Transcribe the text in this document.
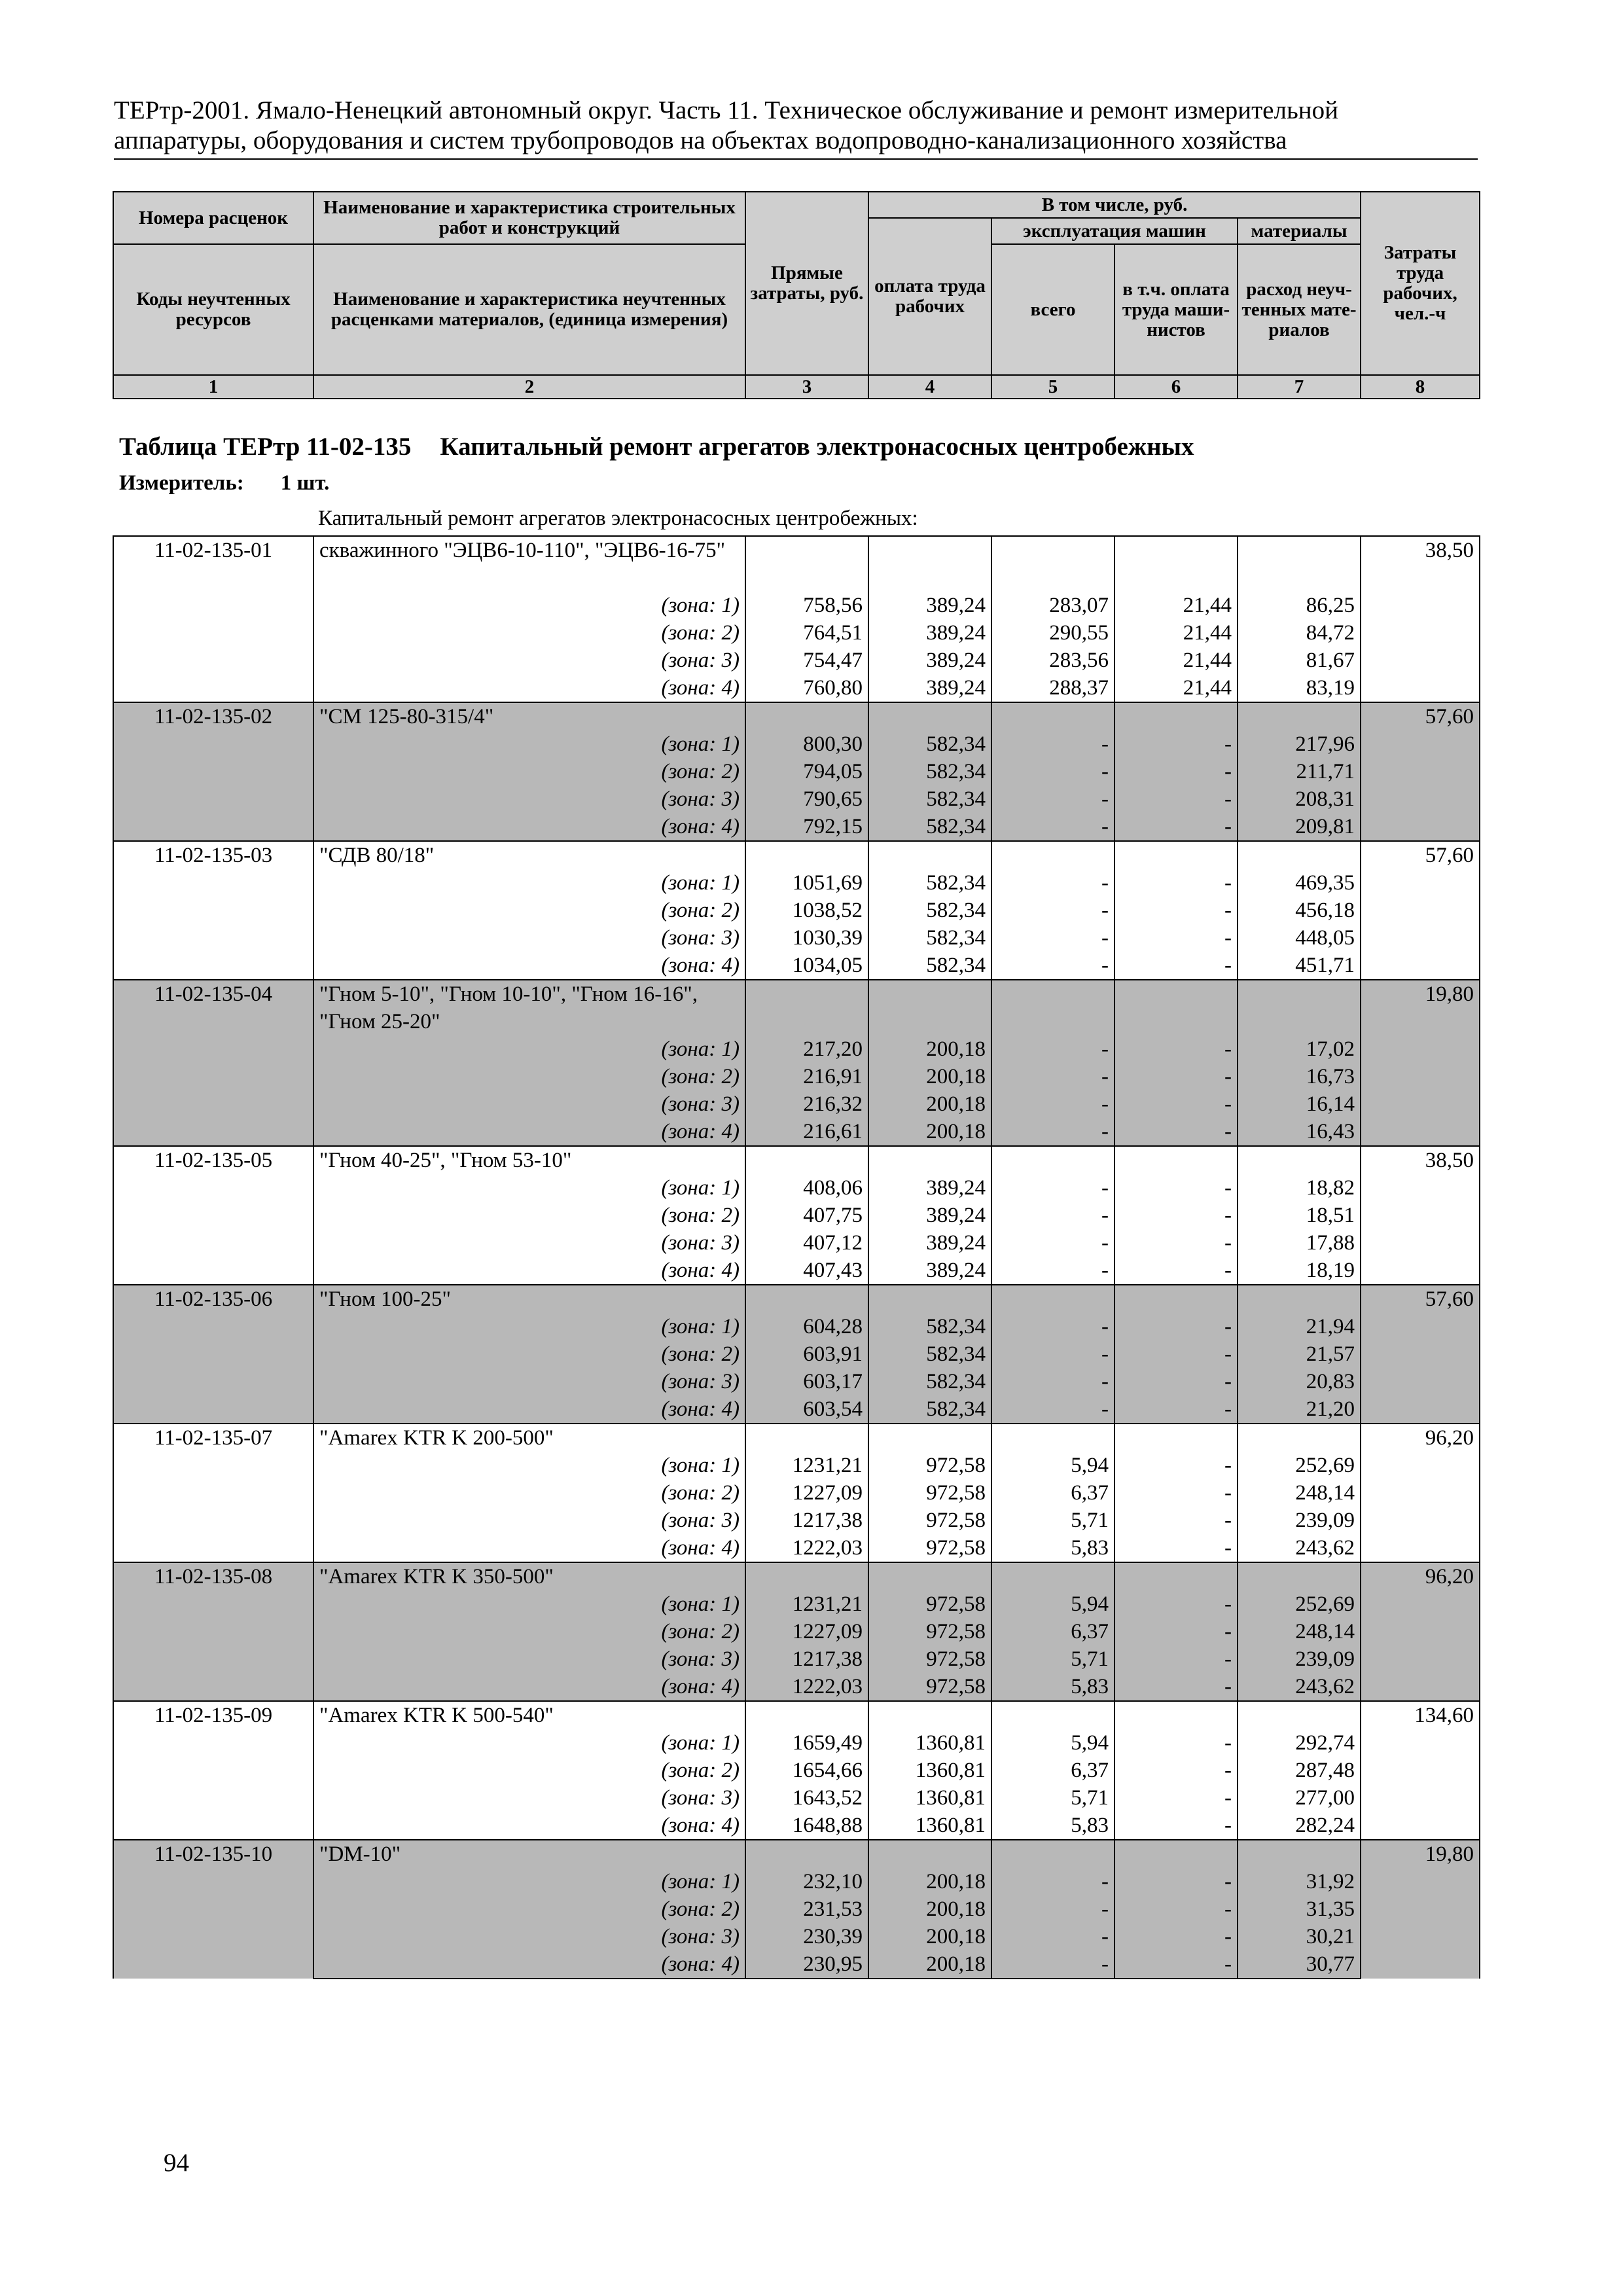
ТЕРтр-2001. Ямало-Ненецкий автономный округ. Часть 11. Техническое обслуживание и ремонт измерительной
аппаратуры, оборудования и систем трубопроводов на объектах водопроводно-канализационного хозяйства
Номера расценок	Наименование и характеристика строительных работ и конструкций	Прямые затраты, руб.	В том числе, руб.				Затраты труда рабочих, чел.-ч
			оплата труда рабочих	эксплуатация машин		материалы	
Коды неучтенных ресурсов	Наименование и характеристика неучтенных расценками материалов, (единица измерения)			всего	в т.ч. оплата труда маши-нистов	расход неуч-тенных мате-риалов	
1	2	3	4	5	6	7	8
Таблица ТЕРтр 11-02-135 Капитальный ремонт агрегатов электронасосных центробежных
Измеритель: 1 шт.
Капитальный ремонт агрегатов электронасосных центробежных:
11-02-135-01	скважинного "ЭЦВ6-10-110", "ЭЦВ6-16-75"						38,50
	(зона: 1)	758,56	389,24	283,07	21,44	86,25	
	(зона: 2)	764,51	389,24	290,55	21,44	84,72	
	(зона: 3)	754,47	389,24	283,56	21,44	81,67	
	(зона: 4)	760,80	389,24	288,37	21,44	83,19	
11-02-135-02	"СМ 125-80-315/4"						57,60
	(зона: 1)	800,30	582,34	-	-	217,96	
	(зона: 2)	794,05	582,34	-	-	211,71	
	(зона: 3)	790,65	582,34	-	-	208,31	
	(зона: 4)	792,15	582,34	-	-	209,81	
11-02-135-03	"СДВ 80/18"						57,60
	(зона: 1)	1051,69	582,34	-	-	469,35	
	(зона: 2)	1038,52	582,34	-	-	456,18	
	(зона: 3)	1030,39	582,34	-	-	448,05	
	(зона: 4)	1034,05	582,34	-	-	451,71	
11-02-135-04	"Гном 5-10", "Гном 10-10", "Гном 16-16", "Гном 25-20"						19,80
	(зона: 1)	217,20	200,18	-	-	17,02	
	(зона: 2)	216,91	200,18	-	-	16,73	
	(зона: 3)	216,32	200,18	-	-	16,14	
	(зона: 4)	216,61	200,18	-	-	16,43	
11-02-135-05	"Гном 40-25", "Гном 53-10"						38,50
	(зона: 1)	408,06	389,24	-	-	18,82	
	(зона: 2)	407,75	389,24	-	-	18,51	
	(зона: 3)	407,12	389,24	-	-	17,88	
	(зона: 4)	407,43	389,24	-	-	18,19	
11-02-135-06	"Гном 100-25"						57,60
	(зона: 1)	604,28	582,34	-	-	21,94	
	(зона: 2)	603,91	582,34	-	-	21,57	
	(зона: 3)	603,17	582,34	-	-	20,83	
	(зона: 4)	603,54	582,34	-	-	21,20	
11-02-135-07	"Amarex KTR K 200-500"						96,20
	(зона: 1)	1231,21	972,58	5,94	-	252,69	
	(зона: 2)	1227,09	972,58	6,37	-	248,14	
	(зона: 3)	1217,38	972,58	5,71	-	239,09	
	(зона: 4)	1222,03	972,58	5,83	-	243,62	
11-02-135-08	"Amarex KTR K 350-500"						96,20
	(зона: 1)	1231,21	972,58	5,94	-	252,69	
	(зона: 2)	1227,09	972,58	6,37	-	248,14	
	(зона: 3)	1217,38	972,58	5,71	-	239,09	
	(зона: 4)	1222,03	972,58	5,83	-	243,62	
11-02-135-09	"Amarex KTR K 500-540"						134,60
	(зона: 1)	1659,49	1360,81	5,94	-	292,74	
	(зона: 2)	1654,66	1360,81	6,37	-	287,48	
	(зона: 3)	1643,52	1360,81	5,71	-	277,00	
	(зона: 4)	1648,88	1360,81	5,83	-	282,24	
11-02-135-10	"DM-10"						19,80
	(зона: 1)	232,10	200,18	-	-	31,92	
	(зона: 2)	231,53	200,18	-	-	31,35	
	(зона: 3)	230,39	200,18	-	-	30,21	
	(зона: 4)	230,95	200,18	-	-	30,77	
94
